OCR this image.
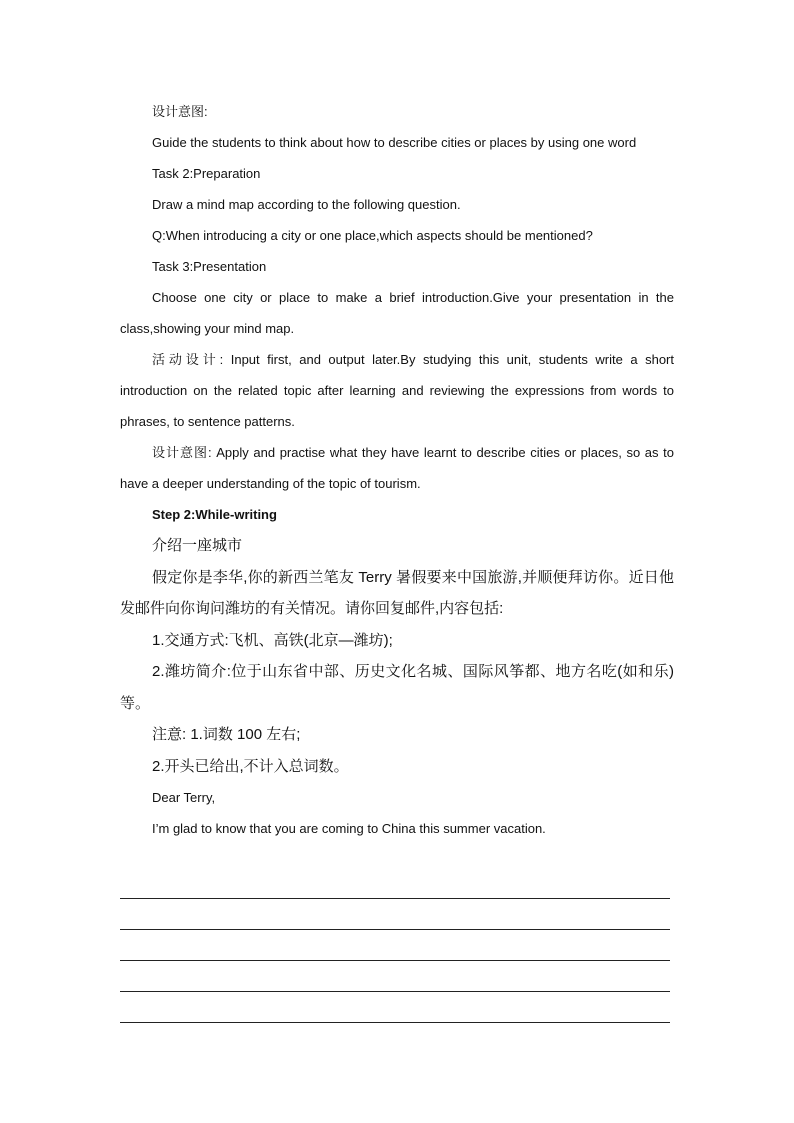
设计意图:

Guide the students to think about how to describe cities or places by using one word

Task 2:Preparation

Draw a mind map according to the following question.

Q:When introducing a city or one place,which aspects should be mentioned?

Task 3:Presentation

Choose one city or place to make a brief introduction.Give your presentation in the class,showing your mind map.

活动设计: Input first, and output later.By studying this unit, students write a short introduction on the related topic after learning and reviewing the expressions from words to phrases, to sentence patterns.

设计意图: Apply and practise what they have learnt to describe cities or places, so as to have a deeper understanding of the topic of tourism.

Step 2:While-writing

介绍一座城市

假定你是李华,你的新西兰笔友 Terry 暑假要来中国旅游,并顺便拜访你。近日他发邮件向你询问潍坊的有关情况。请你回复邮件,内容包括:

1.交通方式:飞机、高铁(北京—潍坊);

2.潍坊简介:位于山东省中部、历史文化名城、国际风筝都、地方名吃(如和乐)等。

注意: 1.词数 100 左右;

2.开头已给出,不计入总词数。

Dear Terry,

I’m glad to know that you are coming to China this summer vacation.
